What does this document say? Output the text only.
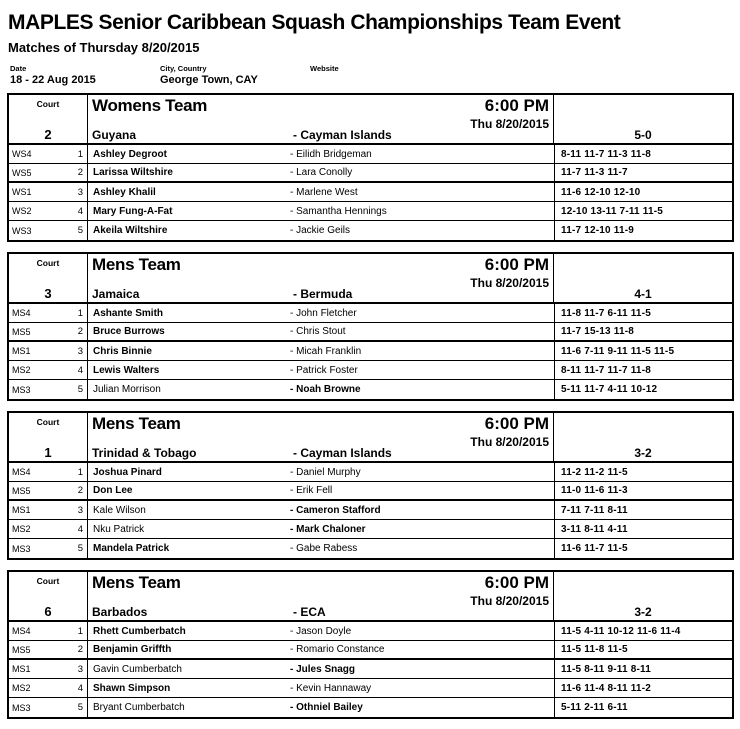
MAPLES Senior Caribbean Squash Championships Team Event
Matches of Thursday 8/20/2015
Date
18 - 22 Aug 2015
City, Country
George Town, CAY
Website
Court
2
Womens Team	6:00 PM
Thu 8/20/2015
Guyana	- Cayman Islands	5-0
WS4	1	Ashley Degroot	- Eilidh Bridgeman	8-11 11-7 11-3 11-8
WS5	2	Larissa Wiltshire	- Lara Conolly	11-7 11-3 11-7
WS1	3	Ashley Khalil	- Marlene West	11-6 12-10 12-10
WS2	4	Mary Fung-A-Fat	- Samantha Hennings	12-10 13-11 7-11 11-5
WS3	5	Akeila Wiltshire	- Jackie Geils	11-7 12-10 11-9
Court
3
Mens Team	6:00 PM
Thu 8/20/2015
Jamaica	- Bermuda	4-1
MS4	1	Ashante Smith	- John Fletcher	11-8 11-7 6-11 11-5
MS5	2	Bruce Burrows	- Chris Stout	11-7 15-13 11-8
MS1	3	Chris Binnie	- Micah Franklin	11-6 7-11 9-11 11-5 11-5
MS2	4	Lewis Walters	- Patrick Foster	8-11 11-7 11-7 11-8
MS3	5	Julian Morrison	- Noah Browne	5-11 11-7 4-11 10-12
Court
1
Mens Team	6:00 PM
Thu 8/20/2015
Trinidad & Tobago	- Cayman Islands	3-2
MS4	1	Joshua Pinard	- Daniel Murphy	11-2 11-2 11-5
MS5	2	Don Lee	- Erik Fell	11-0 11-6 11-3
MS1	3	Kale Wilson	- Cameron Stafford	7-11 7-11 8-11
MS2	4	Nku Patrick	- Mark Chaloner	3-11 8-11 4-11
MS3	5	Mandela Patrick	- Gabe Rabess	11-6 11-7 11-5
Court
6
Mens Team	6:00 PM
Thu 8/20/2015
Barbados	- ECA	3-2
MS4	1	Rhett Cumberbatch	- Jason Doyle	11-5 4-11 10-12 11-6 11-4
MS5	2	Benjamin Griffth	- Romario Constance	11-5 11-8 11-5
MS1	3	Gavin Cumberbatch	- Jules Snagg	11-5 8-11 9-11 8-11
MS2	4	Shawn Simpson	- Kevin Hannaway	11-6 11-4 8-11 11-2
MS3	5	Bryant Cumberbatch	- Othniel Bailey	5-11 2-11 6-11
